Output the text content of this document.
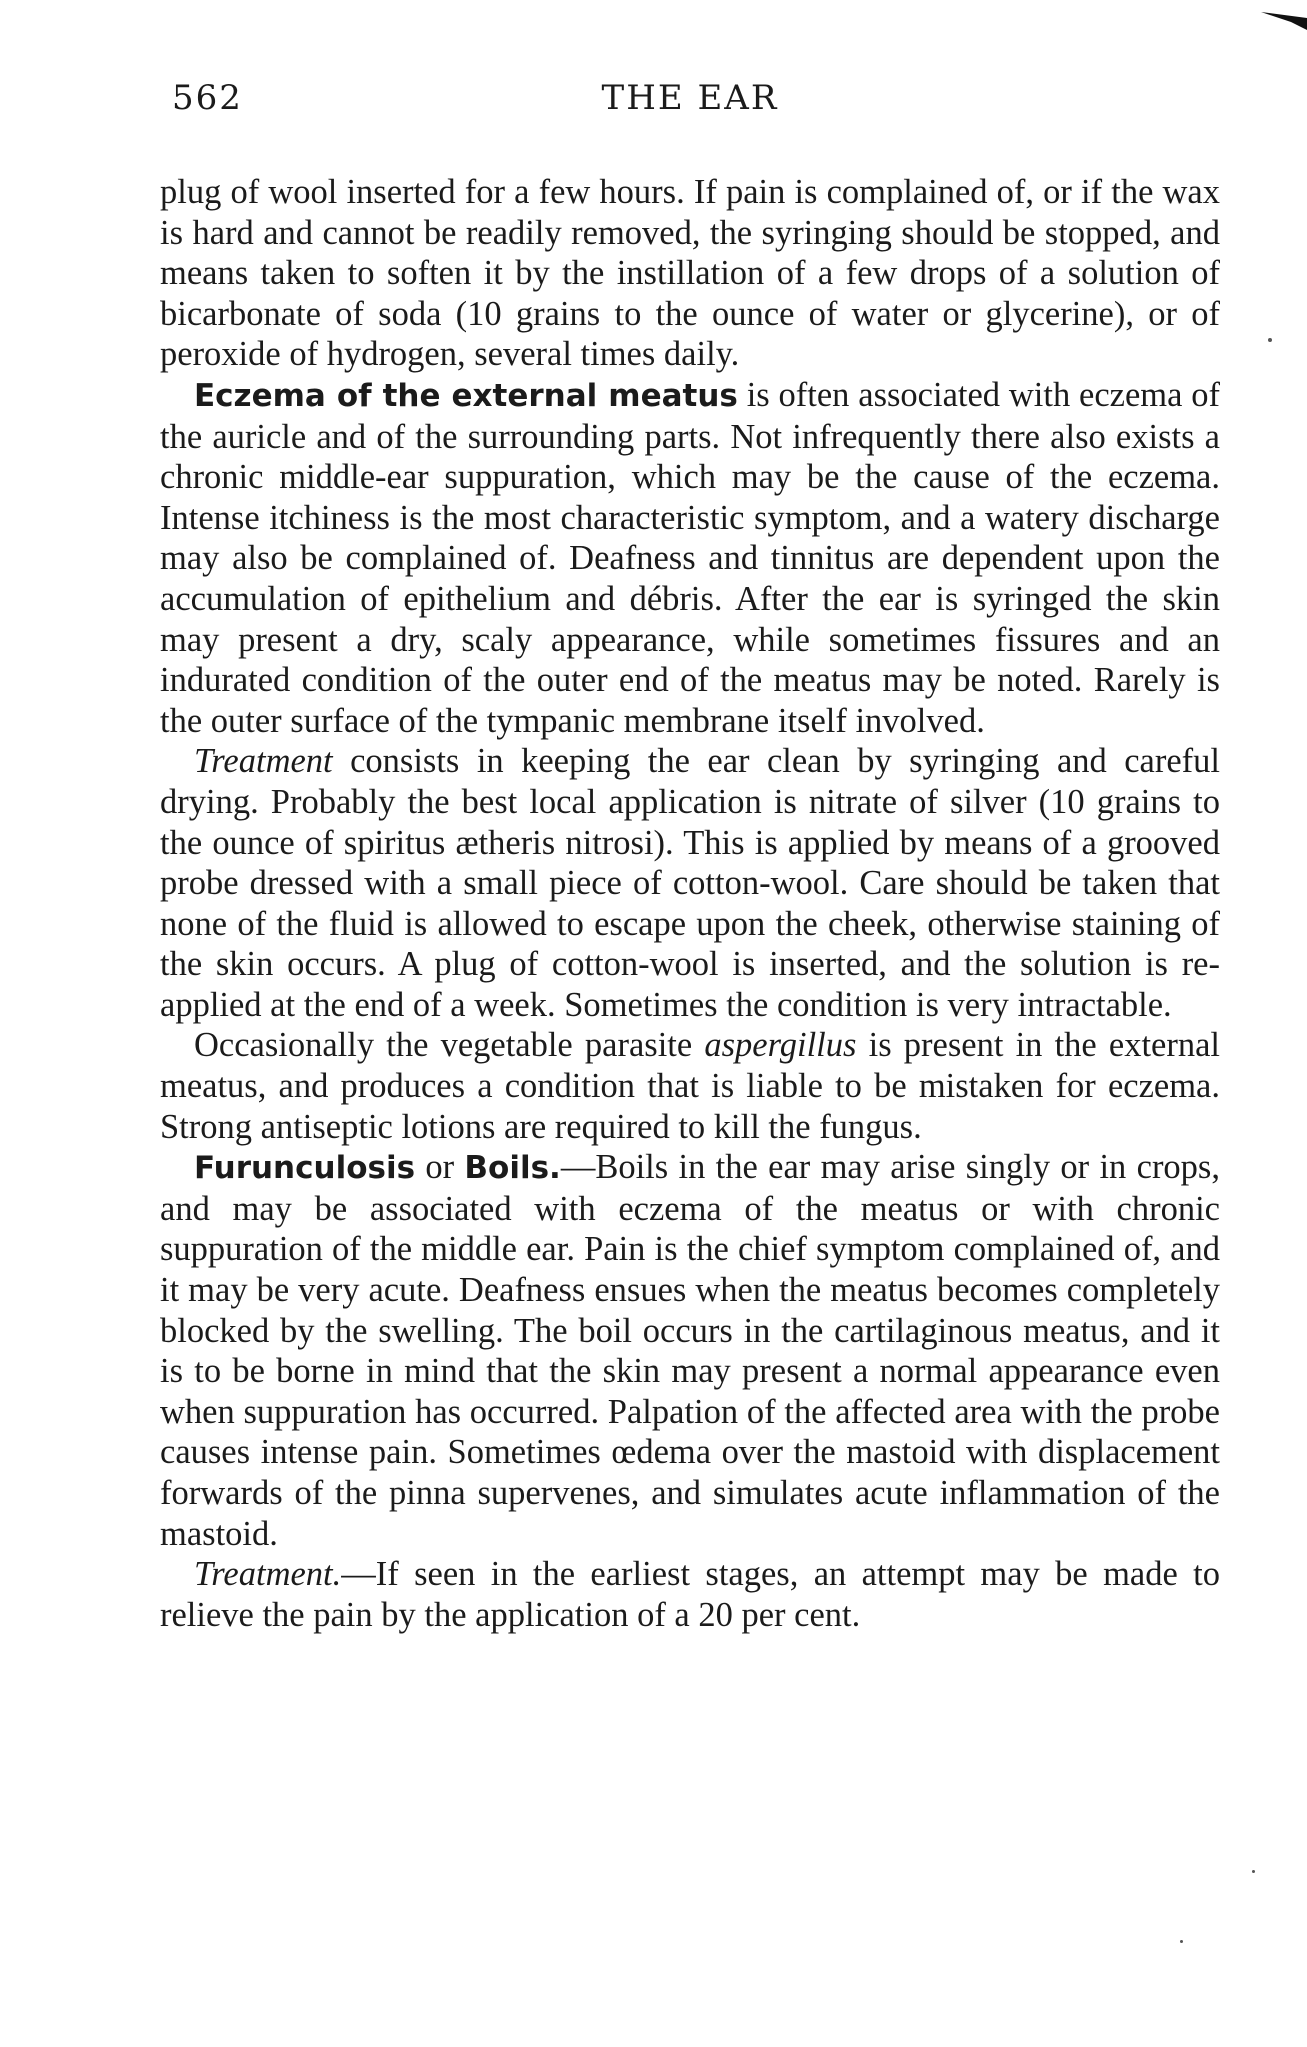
562	THE EAR

plug of wool inserted for a few hours. If pain is complained of, or if the wax is hard and cannot be readily removed, the syringing should be stopped, and means taken to soften it by the instillation of a few drops of a solution of bicarbonate of soda (10 grains to the ounce of water or glycerine), or of peroxide of hydrogen, several times daily.

Eczema of the external meatus is often associated with eczema of the auricle and of the surrounding parts. Not infrequently there also exists a chronic middle-ear suppuration, which may be the cause of the eczema. Intense itchiness is the most characteristic symptom, and a watery discharge may also be complained of. Deafness and tinnitus are dependent upon the accumulation of epithelium and débris. After the ear is syringed the skin may present a dry, scaly appearance, while sometimes fissures and an indurated condition of the outer end of the meatus may be noted. Rarely is the outer surface of the tympanic membrane itself involved.

Treatment consists in keeping the ear clean by syringing and careful drying. Probably the best local application is nitrate of silver (10 grains to the ounce of spiritus ætheris nitrosi). This is applied by means of a grooved probe dressed with a small piece of cotton-wool. Care should be taken that none of the fluid is allowed to escape upon the cheek, otherwise staining of the skin occurs. A plug of cotton-wool is inserted, and the solution is re-applied at the end of a week. Sometimes the condition is very intractable.

Occasionally the vegetable parasite aspergillus is present in the external meatus, and produces a condition that is liable to be mistaken for eczema. Strong antiseptic lotions are required to kill the fungus.

Furunculosis or Boils.—Boils in the ear may arise singly or in crops, and may be associated with eczema of the meatus or with chronic suppuration of the middle ear. Pain is the chief symptom complained of, and it may be very acute. Deafness ensues when the meatus becomes completely blocked by the swelling. The boil occurs in the cartilaginous meatus, and it is to be borne in mind that the skin may present a normal appearance even when suppuration has occurred. Palpation of the affected area with the probe causes intense pain. Sometimes œdema over the mastoid with displacement forwards of the pinna supervenes, and simulates acute inflammation of the mastoid.

Treatment.—If seen in the earliest stages, an attempt may be made to relieve the pain by the application of a 20 per cent.
